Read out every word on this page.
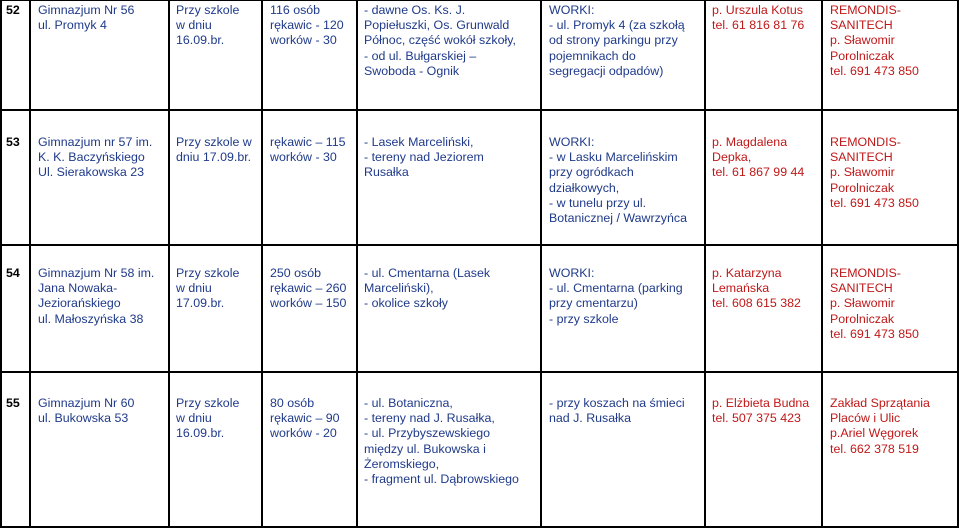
52 Gimnazjum Nr 56
ul. Promyk 4
Przy szkole
w dniu
16.09.br.
116 osób
rękawic - 120
worków - 30
- dawne Os. Ks. J.
Popiełuszki, Os. Grunwald
Północ, część wokół szkoły,
- od ul. Bułgarskiej –
Swoboda - Ognik
WORKI:
- ul. Promyk 4 (za szkołą
od strony parkingu przy
pojemnikach do
segregacji odpadów)
p. Urszula Kotus
tel. 61 816 81 76
REMONDIS-
SANITECH
p. Sławomir
Porolniczak
tel. 691 473 850
53 Gimnazjum nr 57 im.
K. K. Baczyńskiego
Ul. Sierakowska 23
Przy szkole w
dniu 17.09.br.
rękawic – 115
worków - 30
- Lasek Marceliński,
- tereny nad Jeziorem
Rusałka
WORKI:
- w Lasku Marcelińskim
przy ogródkach
działkowych,
- w tunelu przy ul.
Botanicznej / Wawrzyńca
p. Magdalena
Depka,
tel. 61 867 99 44
REMONDIS-
SANITECH
p. Sławomir
Porolniczak
tel. 691 473 850
54 Gimnazjum Nr 58 im.
Jana Nowaka-
Jeziorańskiego
ul. Małoszyńska 38
Przy szkole
w dniu
17.09.br.
250 osób
rękawic – 260
worków – 150
- ul. Cmentarna (Lasek
Marceliński),
- okolice szkoły
WORKI:
- ul. Cmentarna (parking
przy cmentarzu)
- przy szkole
p. Katarzyna
Lemańska
tel. 608 615 382
REMONDIS-
SANITECH
p. Sławomir
Porolniczak
tel. 691 473 850
55 Gimnazjum Nr 60
ul. Bukowska 53
Przy szkole
w dniu
16.09.br.
80 osób
rękawic – 90
worków - 20
- ul. Botaniczna,
- tereny nad J. Rusałka,
- ul. Przybyszewskiego
między ul. Bukowska i
Żeromskiego,
- fragment ul. Dąbrowskiego
- przy koszach na śmieci
nad J. Rusałka
p. Elżbieta Budna
tel. 507 375 423
Zakład Sprzątania
Placów i Ulic
p.Ariel Węgorek
tel. 662 378 519
